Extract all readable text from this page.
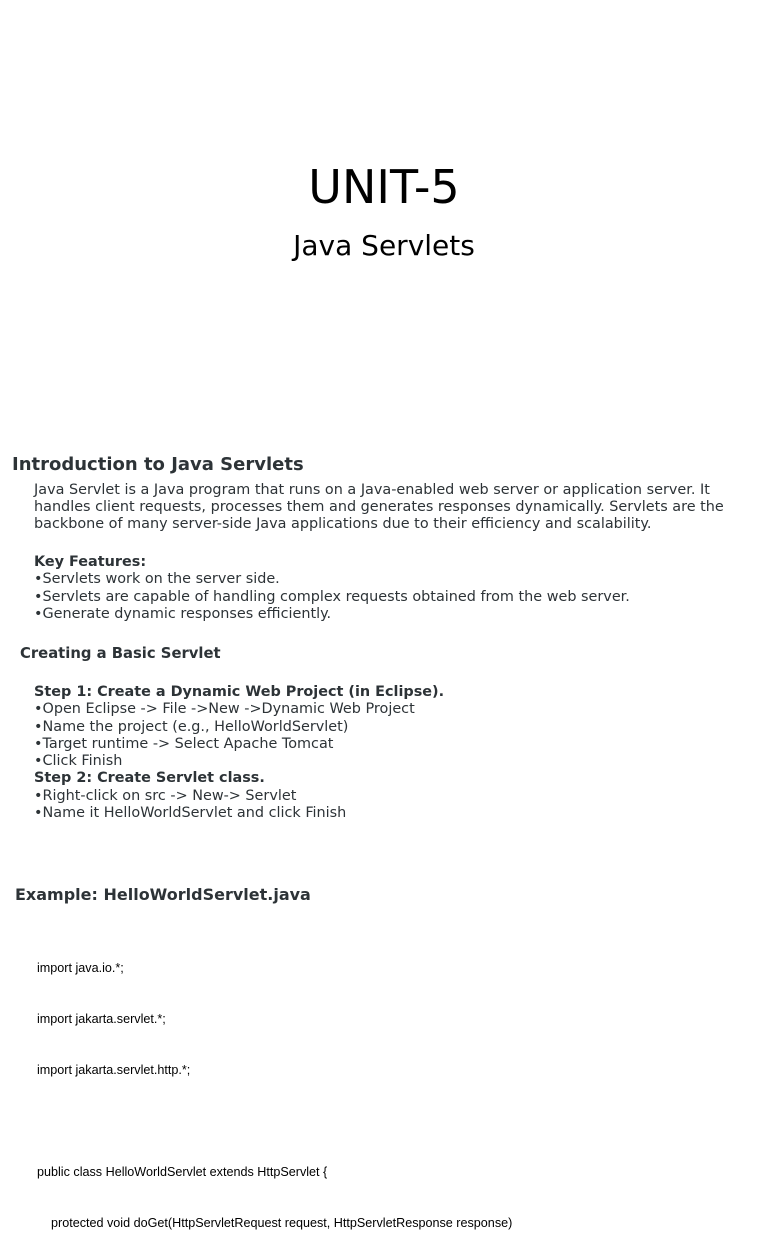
UNIT-5
Java Servlets
Introduction to Java Servlets

Java Servlet is a Java program that runs on a Java-enabled web server or application server. It handles client requests, processes them and generates responses dynamically. Servlets are the backbone of many server-side Java applications due to their efficiency and scalability.

Key Features:
•Servlets work on the server side.
•Servlets are capable of handling complex requests obtained from the web server.
•Generate dynamic responses efficiently.
Creating a Basic Servlet
Step 1: Create a Dynamic Web Project (in Eclipse).
•Open Eclipse -> File ->New ->Dynamic Web Project
•Name the project (e.g., HelloWorldServlet)
•Target runtime -> Select Apache Tomcat
•Click Finish
Step 2: Create Servlet class.
•Right-click on src -> New-> Servlet
•Name it HelloWorldServlet and click Finish
Example: HelloWorldServlet.java

import java.io.*;

import jakarta.servlet.*;

import jakarta.servlet.http.*;

public class HelloWorldServlet extends HttpServlet {

protected void doGet(HttpServletRequest request, HttpServletResponse response)
